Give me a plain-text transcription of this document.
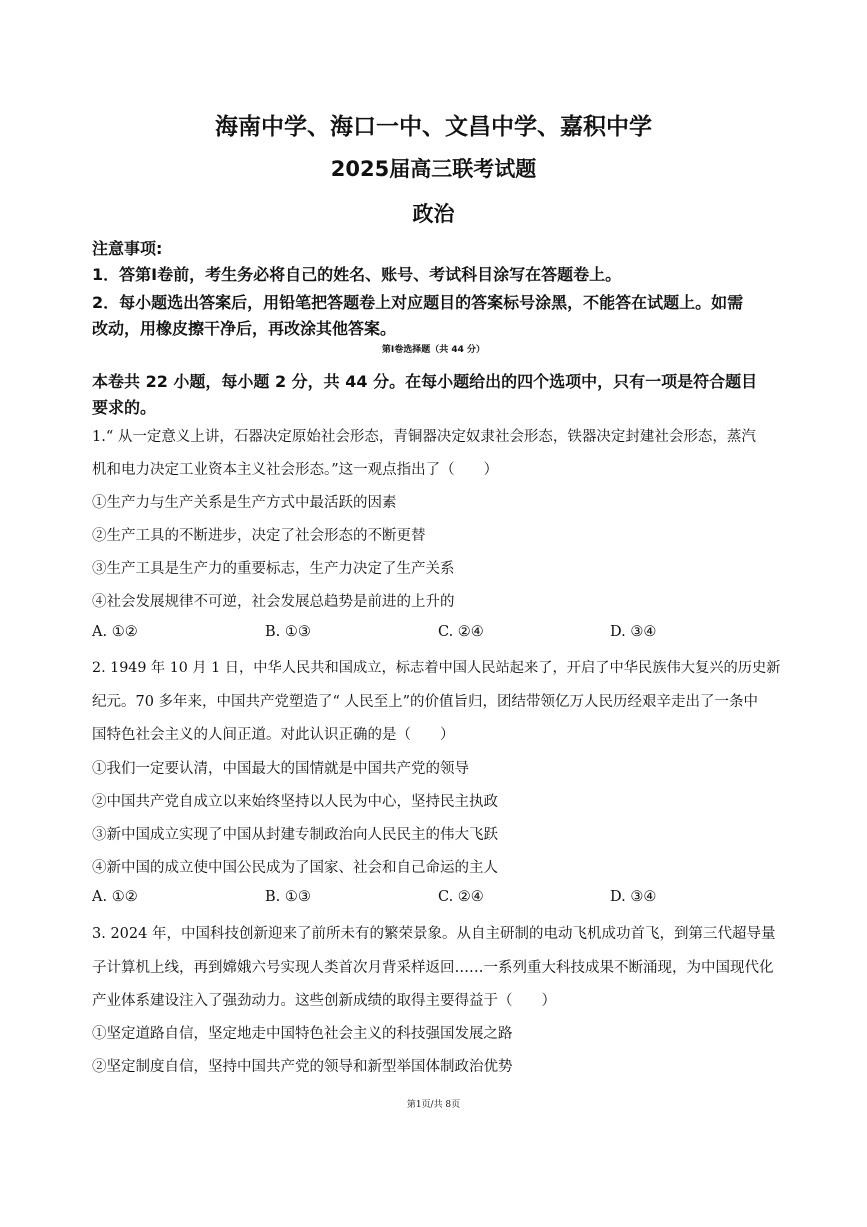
海南中学、海口一中、文昌中学、嘉积中学
2025届高三联考试题
政治
注意事项:
1．答第Ⅰ卷前，考生务必将自己的姓名、账号、考试科目涂写在答题卷上。
2．每小题选出答案后，用铅笔把答题卷上对应题目的答案标号涂黑，不能答在试题上。如需
改动，用橡皮擦干净后，再改涂其他答案。
第Ⅰ卷选择题（共 44 分）
本卷共 22 小题，每小题 2 分，共 44 分。在每小题给出的四个选项中，只有一项是符合题目
要求的。
1.“ 从一定意义上讲，石器决定原始社会形态，青铜器决定奴隶社会形态，铁器决定封建社会形态，蒸汽
机和电力决定工业资本主义社会形态。”这一观点指出了（　　）
①生产力与生产关系是生产方式中最活跃的因素
②生产工具的不断进步，决定了社会形态的不断更替
③生产工具是生产力的重要标志，生产力决定了生产关系
④社会发展规律不可逆，社会发展总趋势是前进的上升的
A. ①②	B. ①③	C. ②④	D. ③④
2. 1949 年 10 月 1 日，中华人民共和国成立，标志着中国人民站起来了，开启了中华民族伟大复兴的历史新
纪元。70 多年来，中国共产党塑造了“ 人民至上”的价值旨归，团结带领亿万人民历经艰辛走出了一条中
国特色社会主义的人间正道。对此认识正确的是（　　）
①我们一定要认清，中国最大的国情就是中国共产党的领导
②中国共产党自成立以来始终坚持以人民为中心，坚持民主执政
③新中国成立实现了中国从封建专制政治向人民民主的伟大飞跃
④新中国的成立使中国公民成为了国家、社会和自己命运的主人
A. ①②	B. ①③	C. ②④	D. ③④
3. 2024 年，中国科技创新迎来了前所未有的繁荣景象。从自主研制的电动飞机成功首飞，到第三代超导量
子计算机上线，再到嫦娥六号实现人类首次月背采样返回……一系列重大科技成果不断涌现，为中国现代化
产业体系建设注入了强劲动力。这些创新成绩的取得主要得益于（　　）
①坚定道路自信，坚定地走中国特色社会主义的科技强国发展之路
②坚定制度自信，坚持中国共产党的领导和新型举国体制政治优势
第1页/共 8页
